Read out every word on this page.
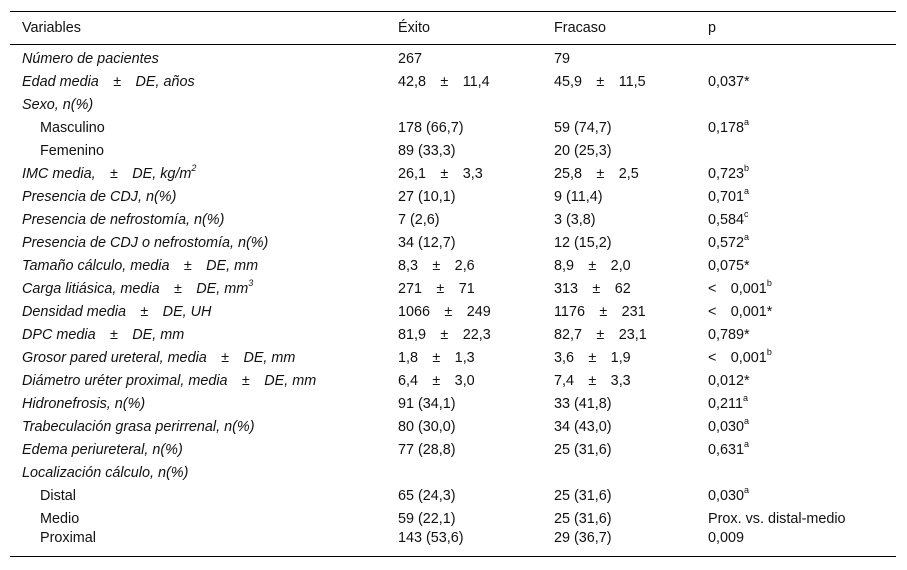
Variables	Éxito	Fracaso	p
Número de pacientes	267	79	
Edad media  ±  DE, años	42,8  ±  11,4	45,9  ±  11,5	0,037*
Sexo, n(%)			
Masculino	178 (66,7)	59 (74,7)	0,178$^a$
Femenino	89 (33,3)	20 (25,3)	
IMC media,  ±  DE, $kg/m^2$	26,1  ±  3,3	25,8  ±  2,5	0,723$^b$
Presencia de CDJ, n(%)	27 (10,1)	9 (11,4)	0,701$^a$
Presencia de nefrostomía, n(%)	7 (2,6)	3 (3,8)	0,584$^c$
Presencia de CDJ o nefrostomía, n(%)	34 (12,7)	12 (15,2)	0,572$^a$
Tamaño cálculo, media  ±  DE, mm	8,3  ±  2,6	8,9  ±  2,0	0,075*
Carga litiásica, media  ±  DE, $mm^3$	271  ±  71	313  ±  62	<  0,001$^b$
Densidad media  ±  DE, UH	1066  ±  249	1176  ±  231	<  0,001*
DPC media  ±  DE, mm	81,9  ±  22,3	82,7  ±  23,1	0,789*
Grosor pared ureteral, media  ±  DE, mm	1,8  ±  1,3	3,6  ±  1,9	<  0,001$^b$
Diámetro uréter proximal, media  ±  DE, mm	6,4  ±  3,0	7,4  ±  3,3	0,012*
Hidronefrosis, n(%)	91 (34,1)	33 (41,8)	0,211$^a$
Trabeculación grasa perirrenal, n(%)	80 (30,0)	34 (43,0)	0,030$^a$
Edema periureteral, n(%)	77 (28,8)	25 (31,6)	0,631$^a$
Localización cálculo, n(%)			
Distal	65 (24,3)	25 (31,6)	0,030$^a$
Medio	59 (22,1)	25 (31,6)	Prox. vs. distal-medio
Proximal	143 (53,6)	29 (36,7)	0,009
